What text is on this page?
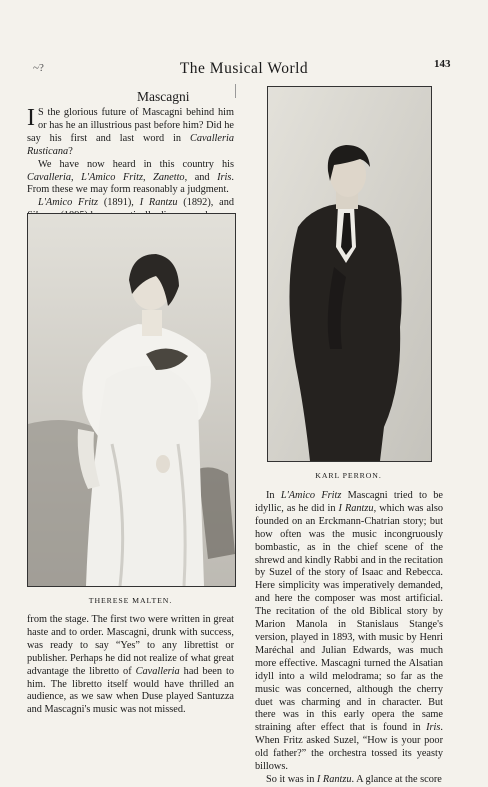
~?	The Musical World	143
Mascagni
I S the glorious future of Mascagni behind him or has he an illustrious past before him? Did he say his first and last word in Cavalleria Rusticana?

We have now heard in this country his Cavalleria, L'Amico Fritz, Zanetto, and Iris. From these we may form reasonably a judgment.

L'Amico Fritz (1891), I Rantzu (1892), and

THERESE MALTEN.

from the stage. The first two were written in great haste and to order. Mascagni, drunk with success, was ready to say “Yes” to any librettist or publisher. Perhaps he did not realize of what great advantage the libretto of Cavalleria had been to him. The libretto itself would have thrilled an audience, as we saw when Duse played Santuzza and Mascagni's music was not missed.

KARL PERRON.

In L'Amico Fritz Mascagni tried to be idyllic, as he did in I Rantzu, which was also founded on an Erckmann-Chatrian story; but how often was the music incongruously bombastic, as in the chief scene of the shrewd and kindly Rabbi and in the recitation by Suzel of the story of Isaac and Rebecca. Here simplicity was imperatively demanded, and here the composer was most artificial. The recitation of the old Biblical story by Marion Manola in Stanislaus Stange's version, played in 1893, with music by Henri Maréchal and Julian Edwards, was much more effective. Mascagni turned the Alsatian idyll into a wild melodrama; so far as the music was concerned, although the cherry duet was charming and in character. But there was in this early opera the same straining after effect that is found in Iris. When Fritz asked Suzel, “How is your poor old father?” the orchestra tossed its yeasty billows.

So it was in I Rantzu. A glance at the score
